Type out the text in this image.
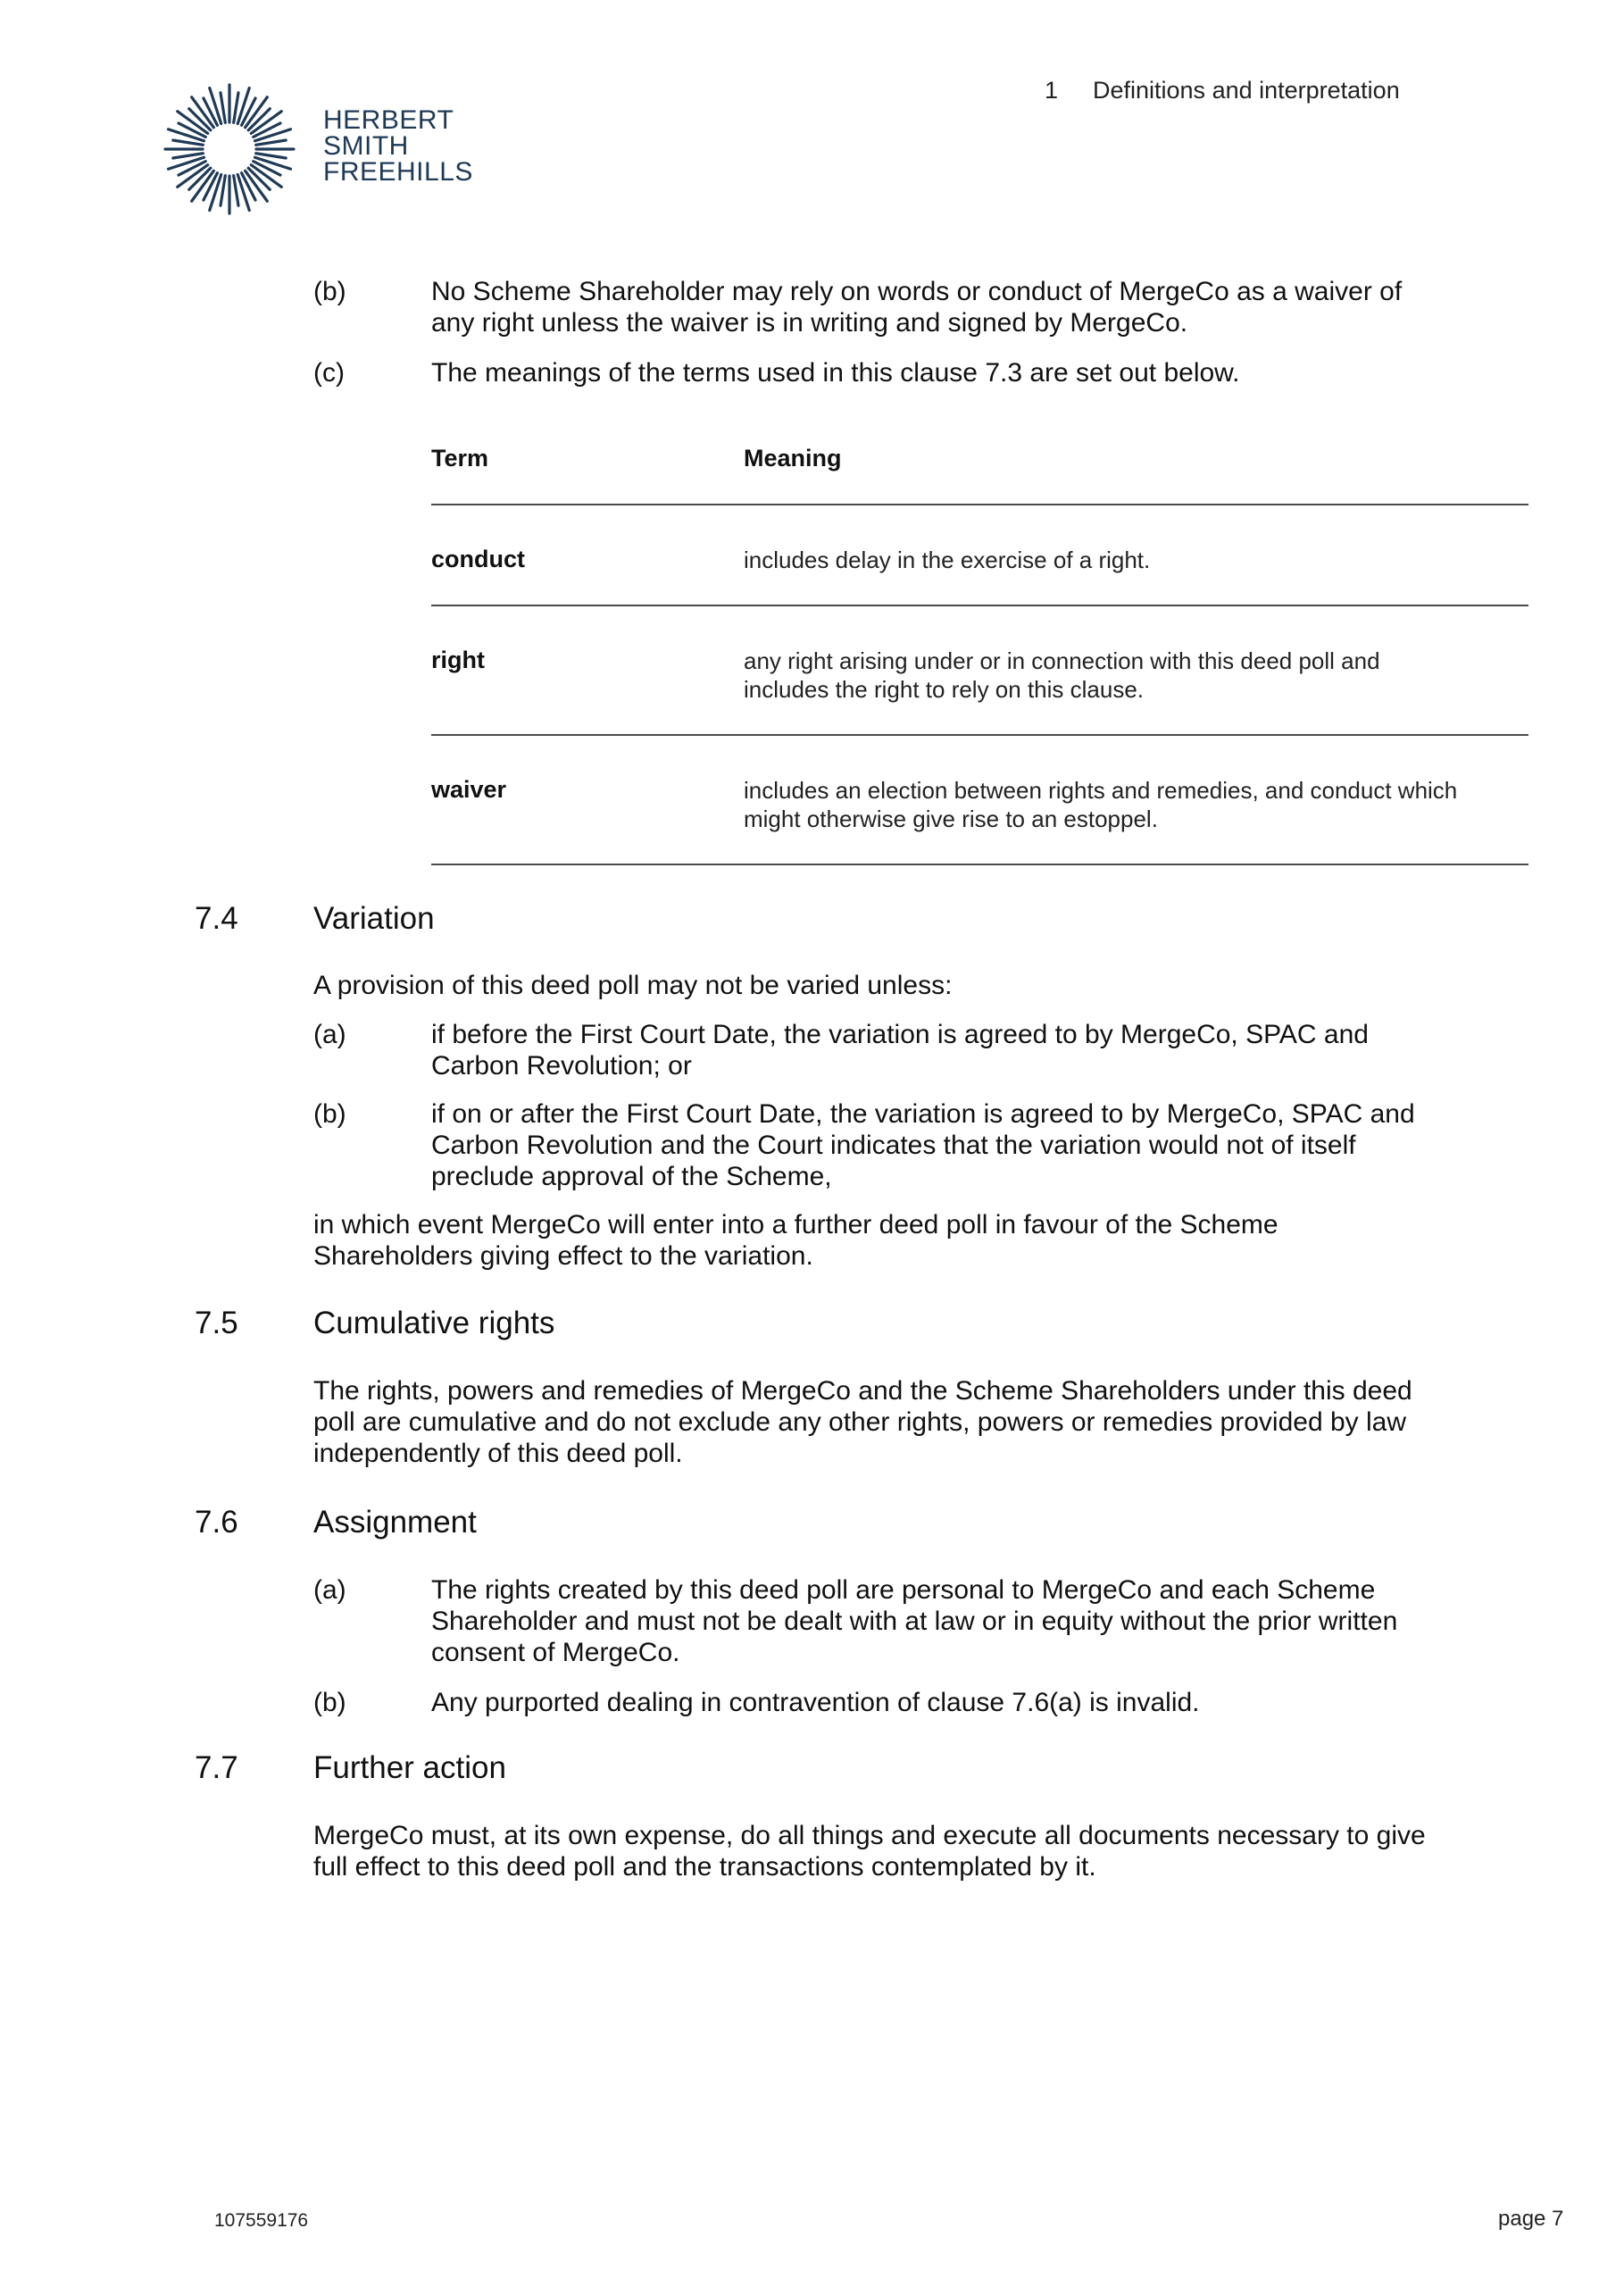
HERBERT
SMITH
FREEHILLS
1 Definitions and interpretation
(b)	No Scheme Shareholder may rely on words or conduct of MergeCo as a waiver of any right unless the waiver is in writing and signed by MergeCo.
(c)	The meanings of the terms used in this clause 7.3 are set out below.
Term	Meaning
conduct	includes delay in the exercise of a right.
right	any right arising under or in connection with this deed poll and includes the right to rely on this clause.
waiver	includes an election between rights and remedies, and conduct which might otherwise give rise to an estoppel.
7.4 Variation
A provision of this deed poll may not be varied unless:
(a)	if before the First Court Date, the variation is agreed to by MergeCo, SPAC and Carbon Revolution; or
(b)	if on or after the First Court Date, the variation is agreed to by MergeCo, SPAC and Carbon Revolution and the Court indicates that the variation would not of itself preclude approval of the Scheme,
in which event MergeCo will enter into a further deed poll in favour of the Scheme Shareholders giving effect to the variation.
7.5 Cumulative rights
The rights, powers and remedies of MergeCo and the Scheme Shareholders under this deed poll are cumulative and do not exclude any other rights, powers or remedies provided by law independently of this deed poll.
7.6 Assignment
(a)	The rights created by this deed poll are personal to MergeCo and each Scheme Shareholder and must not be dealt with at law or in equity without the prior written consent of MergeCo.
(b)	Any purported dealing in contravention of clause 7.6(a) is invalid.
7.7 Further action
MergeCo must, at its own expense, do all things and execute all documents necessary to give full effect to this deed poll and the transactions contemplated by it.
107559176	page 7
